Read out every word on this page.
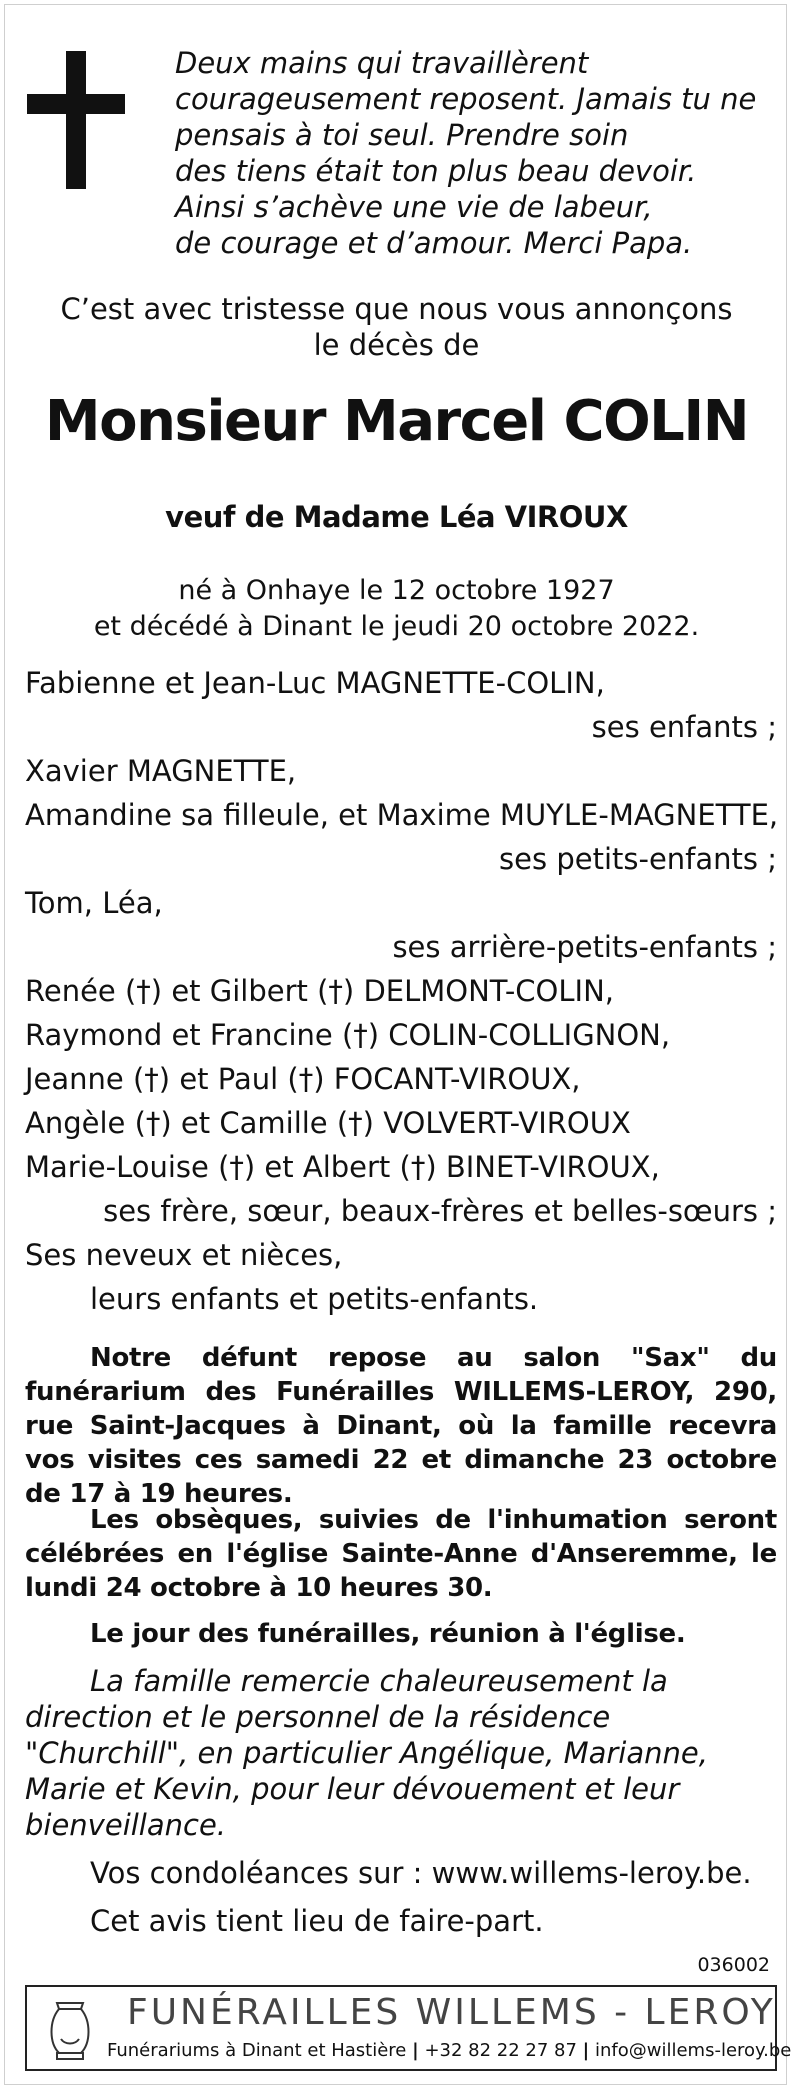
Deux mains qui travaillèrent
courageusement reposent. Jamais tu ne
pensais à toi seul. Prendre soin
des tiens était ton plus beau devoir.
Ainsi s’achève une vie de labeur,
de courage et d’amour. Merci Papa.
C’est avec tristesse que nous vous annonçons
le décès de
Monsieur Marcel COLIN
veuf de Madame Léa VIROUX
né à Onhaye le 12 octobre 1927
et décédé à Dinant le jeudi 20 octobre 2022.
Fabienne et Jean-Luc MAGNETTE-COLIN,
ses enfants ;
Xavier MAGNETTE,
Amandine sa filleule, et Maxime MUYLE-MAGNETTE,
ses petits-enfants ;
Tom, Léa,
ses arrière-petits-enfants ;
Renée (†) et Gilbert (†) DELMONT-COLIN,
Raymond et Francine (†) COLIN-COLLIGNON,
Jeanne (†) et Paul (†) FOCANT-VIROUX,
Angèle (†) et Camille (†) VOLVERT-VIROUX
Marie-Louise (†) et Albert (†) BINET-VIROUX,
ses frère, sœur, beaux-frères et belles-sœurs ;
Ses neveux et nièces,
leurs enfants et petits-enfants.
Notre défunt repose au salon "Sax" du funérarium des Funérailles WILLEMS-LEROY, 290, rue Saint-Jacques à Dinant, où la famille recevra vos visites ces samedi 22 et dimanche 23 octobre de 17 à 19 heures.
Les obsèques, suivies de l'inhumation seront célébrées en l'église Sainte-Anne d'Anseremme, le lundi 24 octobre à 10 heures 30.
Le jour des funérailles, réunion à l'église.
La famille remercie chaleureusement la
direction et le personnel de la résidence
"Churchill", en particulier Angélique, Marianne,
Marie et Kevin, pour leur dévouement et leur
bienveillance.
Vos condoléances sur : www.willems-leroy.be.
Cet avis tient lieu de faire-part.
036002
FUNÉRAILLES WILLEMS - LEROY
Funérariums à Dinant et Hastière | +32 82 22 27 87 | info@willems-leroy.be
